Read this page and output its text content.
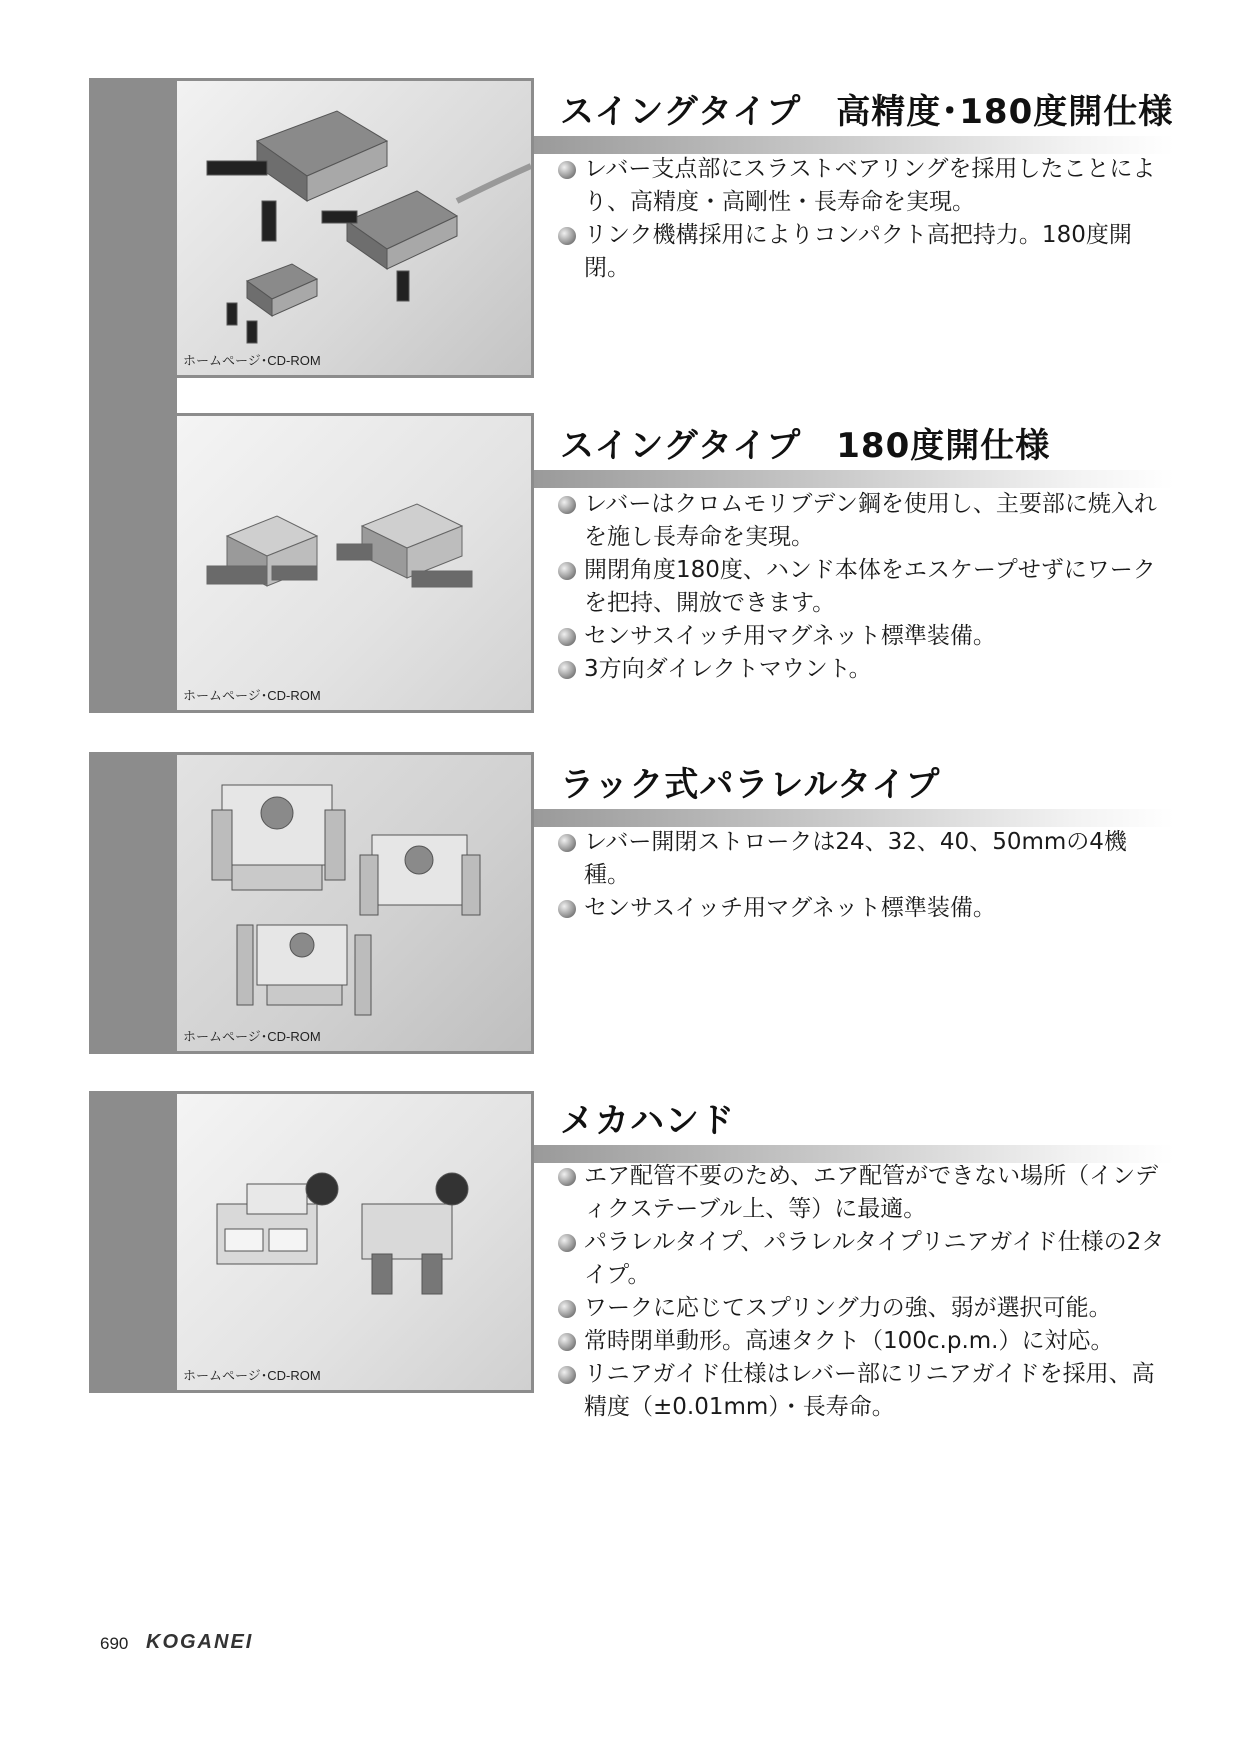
ホームページ･CD-ROM
スイングタイプ　高精度･180度開仕様
レバー支点部にスラストベアリングを採用したことにより、高精度・高剛性・長寿命を実現。
リンク機構採用によりコンパクト高把持力。180度開閉。
ホームページ･CD-ROM
スイングタイプ　180度開仕様
レバーはクロムモリブデン鋼を使用し、主要部に焼入れを施し長寿命を実現。
開閉角度180度、ハンド本体をエスケープせずにワークを把持、開放できます。
センサスイッチ用マグネット標準装備。
3方向ダイレクトマウント。
ホームページ･CD-ROM
ラック式パラレルタイプ
レバー開閉ストロークは24、32、40、50mmの4機種。
センサスイッチ用マグネット標準装備。
ホームページ･CD-ROM
メカハンド
エア配管不要のため、エア配管ができない場所（インディクステーブル上、等）に最適。
パラレルタイプ、パラレルタイプリニアガイド仕様の2タイプ。
ワークに応じてスプリング力の強、弱が選択可能。
常時閉単動形。高速タクト（100c.p.m.）に対応。
リニアガイド仕様はレバー部にリニアガイドを採用、高精度（±0.01mm）・長寿命。
690 KOGANEI
